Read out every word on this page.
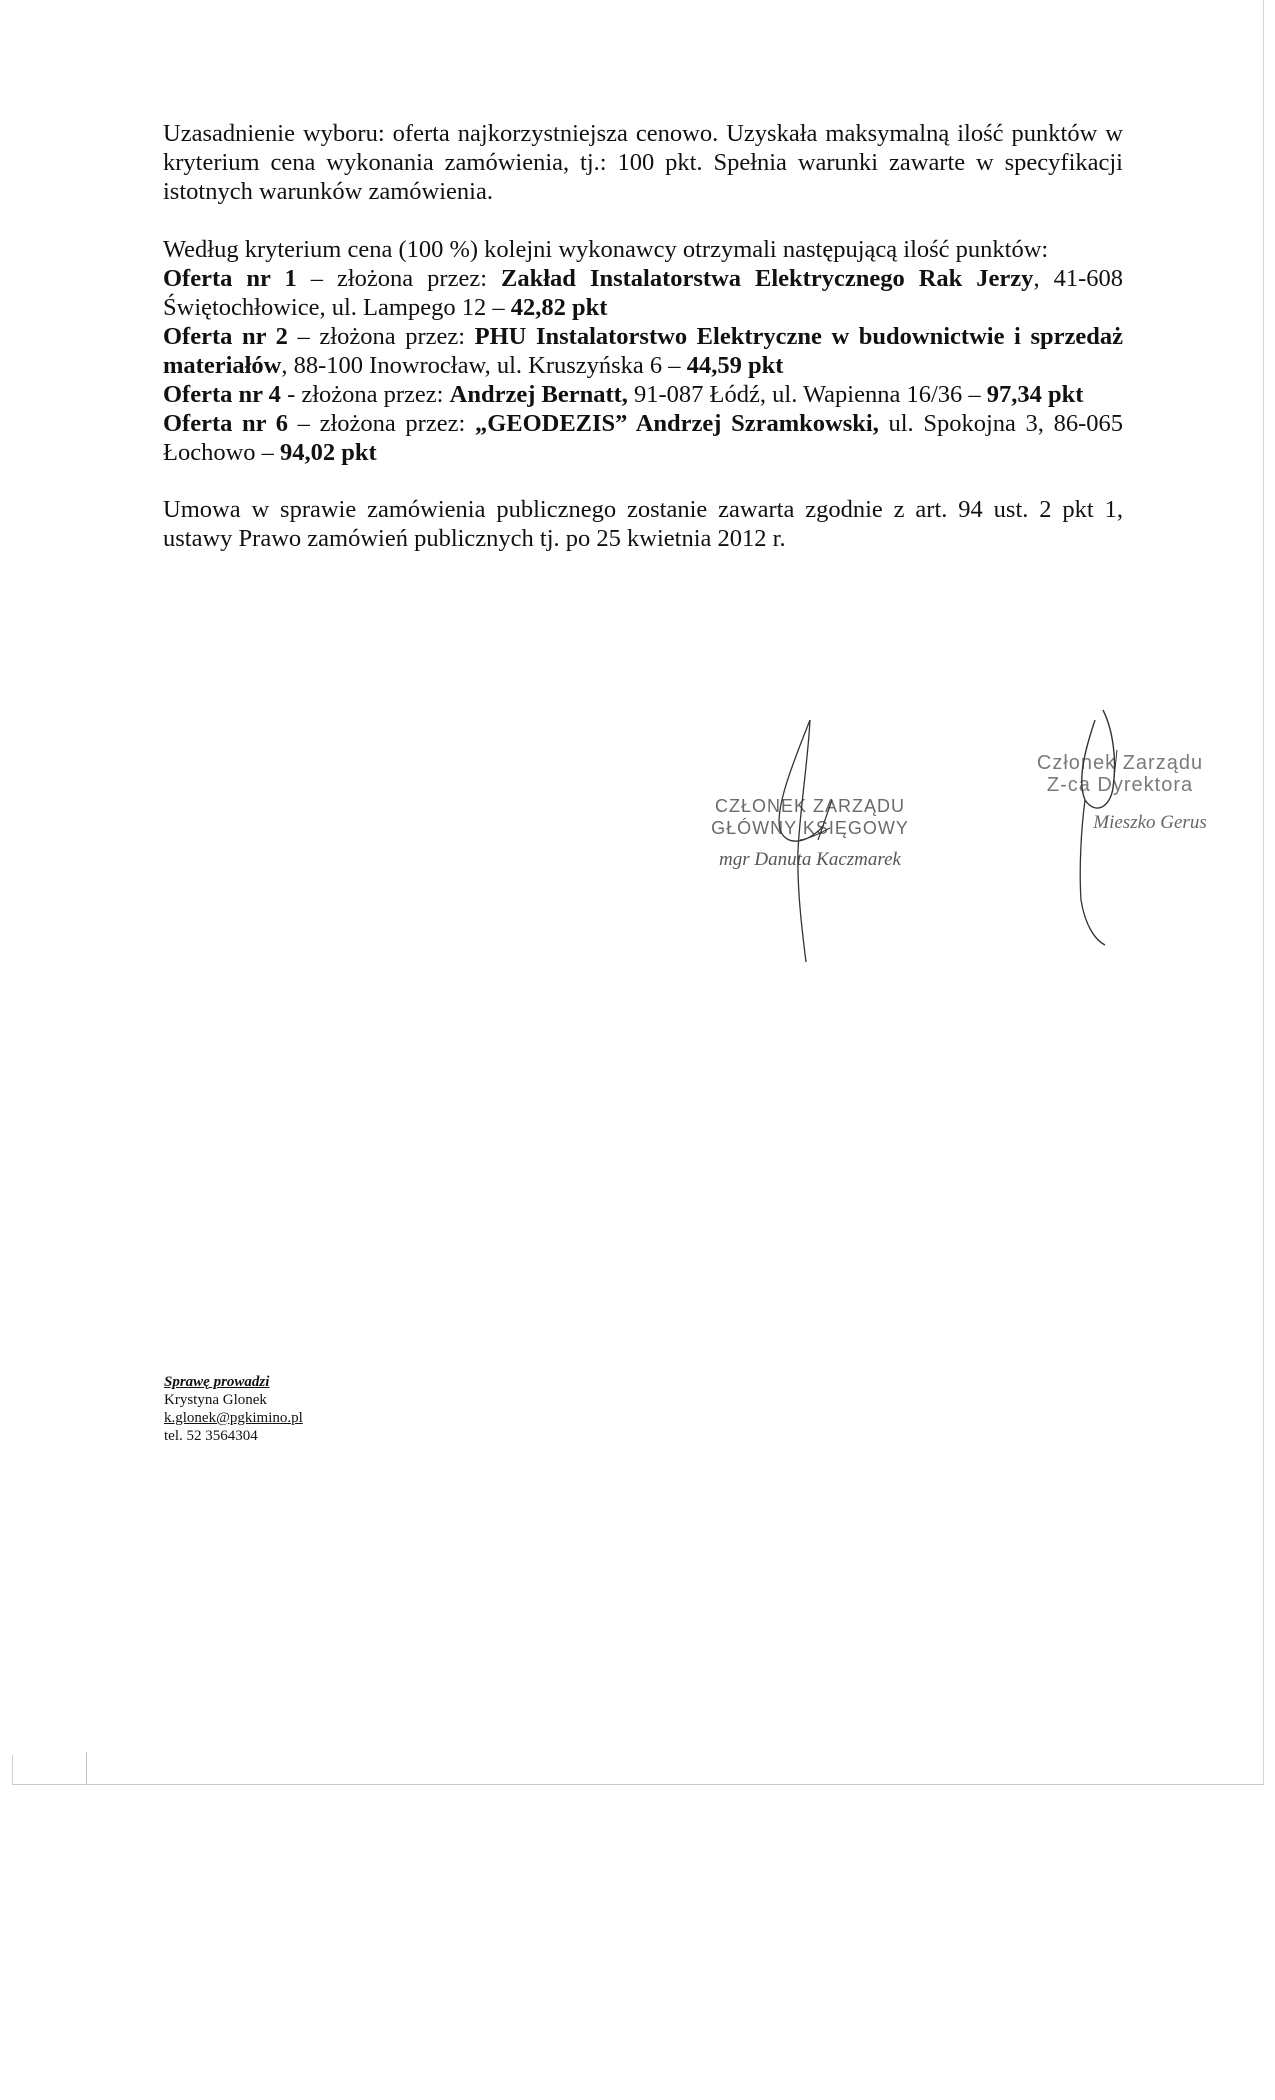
Uzasadnienie wyboru: oferta najkorzystniejsza cenowo. Uzyskała maksymalną ilość punktów w kryterium cena wykonania zamówienia, tj.: 100 pkt. Spełnia warunki zawarte w specyfikacji istotnych warunków zamówienia.
Według kryterium cena (100 %) kolejni wykonawcy otrzymali następującą ilość punktów:
Oferta nr 1 – złożona przez: Zakład Instalatorstwa Elektrycznego Rak Jerzy, 41-608 Świętochłowice, ul. Lampego 12 – 42,82 pkt
Oferta nr 2 – złożona przez: PHU Instalatorstwo Elektryczne w budownictwie i sprzedaż materiałów, 88-100 Inowrocław, ul. Kruszyńska 6 – 44,59 pkt
Oferta nr 4 - złożona przez: Andrzej Bernatt, 91-087 Łódź, ul. Wapienna 16/36 – 97,34 pkt
Oferta nr 6 – złożona przez: „GEODEZIS” Andrzej Szramkowski, ul. Spokojna 3, 86-065 Łochowo – 94,02 pkt
Umowa w sprawie zamówienia publicznego zostanie zawarta zgodnie z art. 94 ust. 2 pkt 1, ustawy Prawo zamówień publicznych tj. po 25 kwietnia 2012 r.
CZŁONEK ZARZĄDU
GŁÓWNY KSIĘGOWY
mgr Danuta Kaczmarek
Członek Zarządu
Z-ca Dyrektora
Mieszko Gerus
Sprawę prowadzi
Krystyna Glonek
k.glonek@pgkimino.pl
tel. 52 3564304
